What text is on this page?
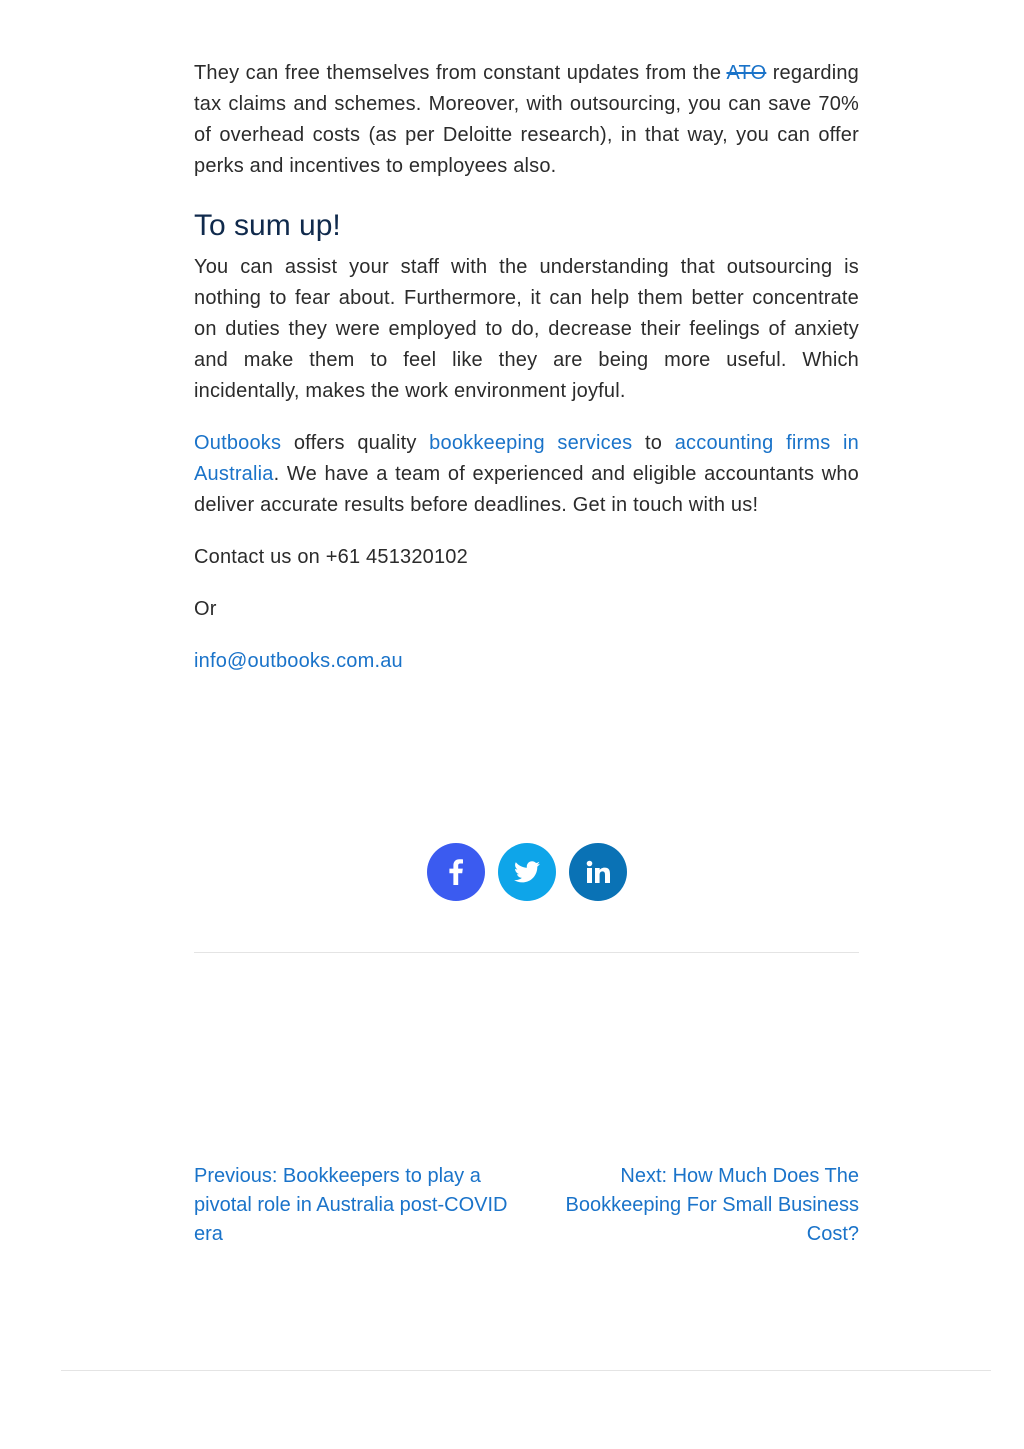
They can free themselves from constant updates from the ATO regarding tax claims and schemes. Moreover, with outsourcing, you can save 70% of overhead costs (as per Deloitte research), in that way, you can offer perks and incentives to employees also.

To sum up!

You can assist your staff with the understanding that outsourcing is nothing to fear about. Furthermore, it can help them better concentrate on duties they were employed to do, decrease their feelings of anxiety and make them to feel like they are being more useful. Which incidentally, makes the work environment joyful.

Outbooks offers quality bookkeeping services to accounting firms in Australia. We have a team of experienced and eligible accountants who deliver accurate results before deadlines. Get in touch with us!

Contact us on +61 451320102

Or

info@outbooks.com.au

Previous: Bookkeepers to play a pivotal role in Australia post-COVID era
Next: How Much Does The Bookkeeping For Small Business Cost?
